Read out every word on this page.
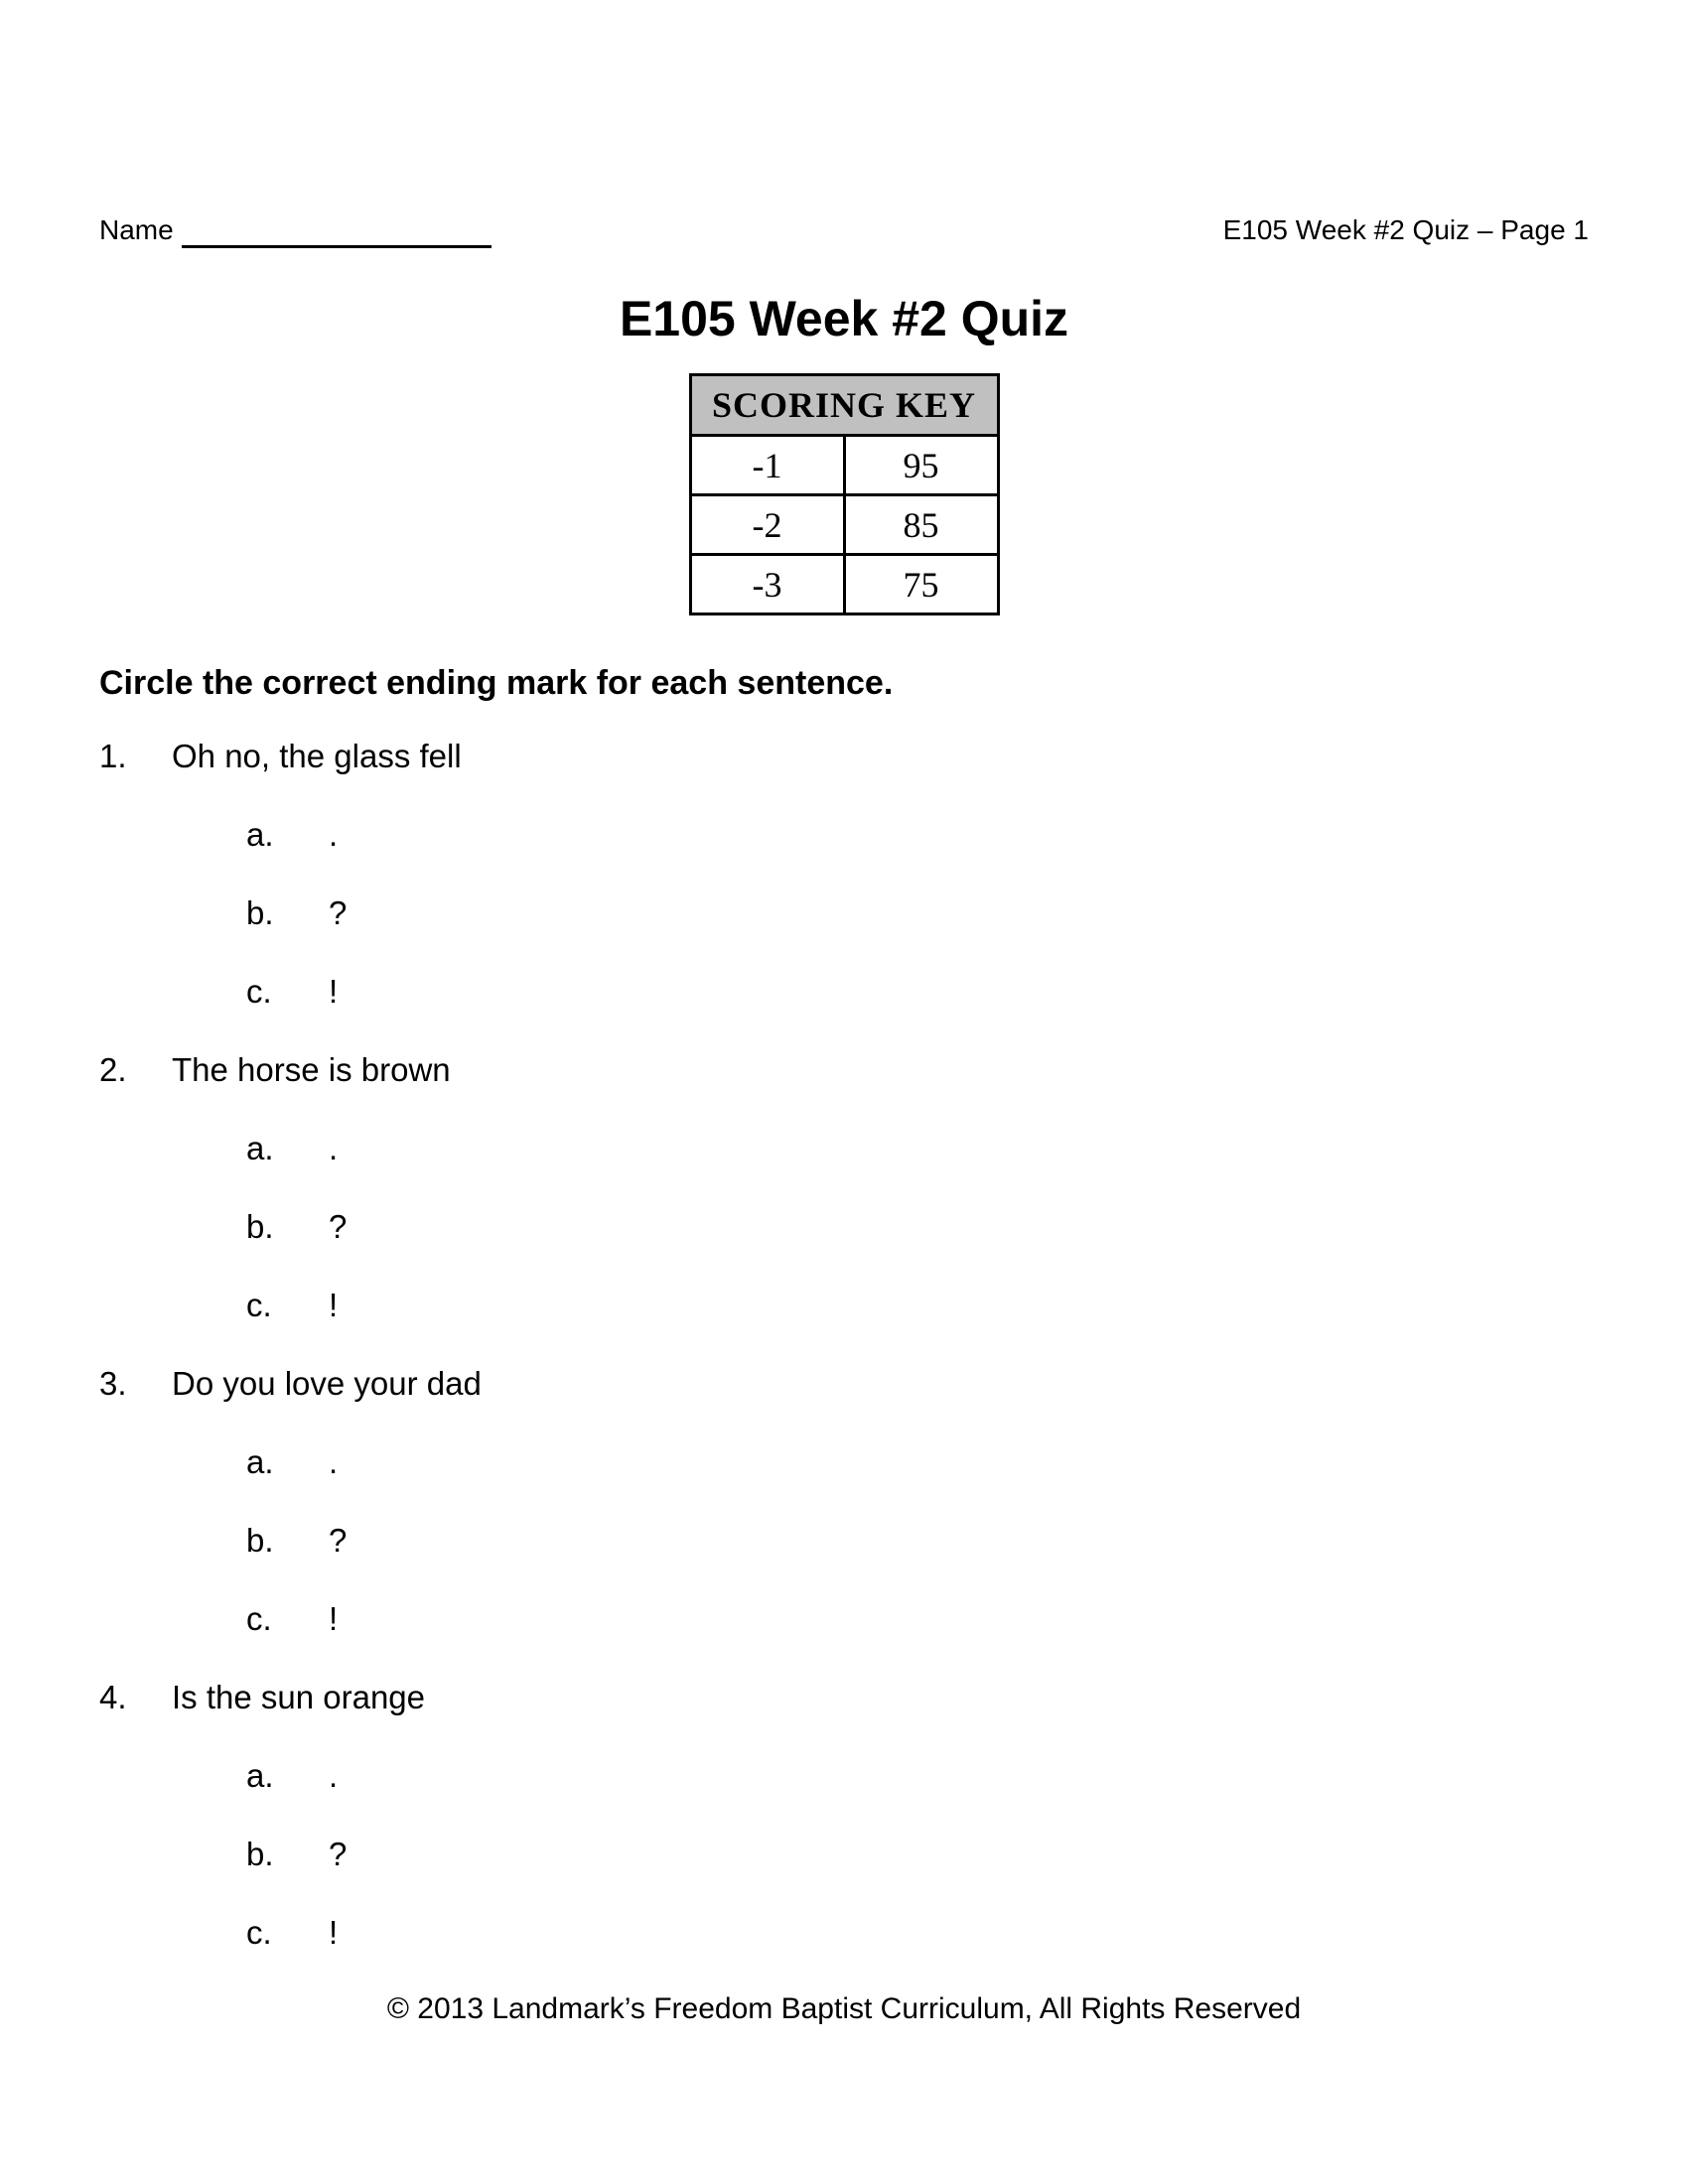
Name	E105 Week #2 Quiz – Page 1
E105 Week #2 Quiz
SCORING KEY	
-1	95
-2	85
-3	75
Circle the correct ending mark for each sentence.
1.	Oh no, the glass fell
a.	.
b.	?
c.	!
2.	The horse is brown
a.	.
b.	?
c.	!
3.	Do you love your dad
a.	.
b.	?
c.	!
4.	Is the sun orange
a.	.
b.	?
c.	!
© 2013 Landmark’s Freedom Baptist Curriculum, All Rights Reserved
